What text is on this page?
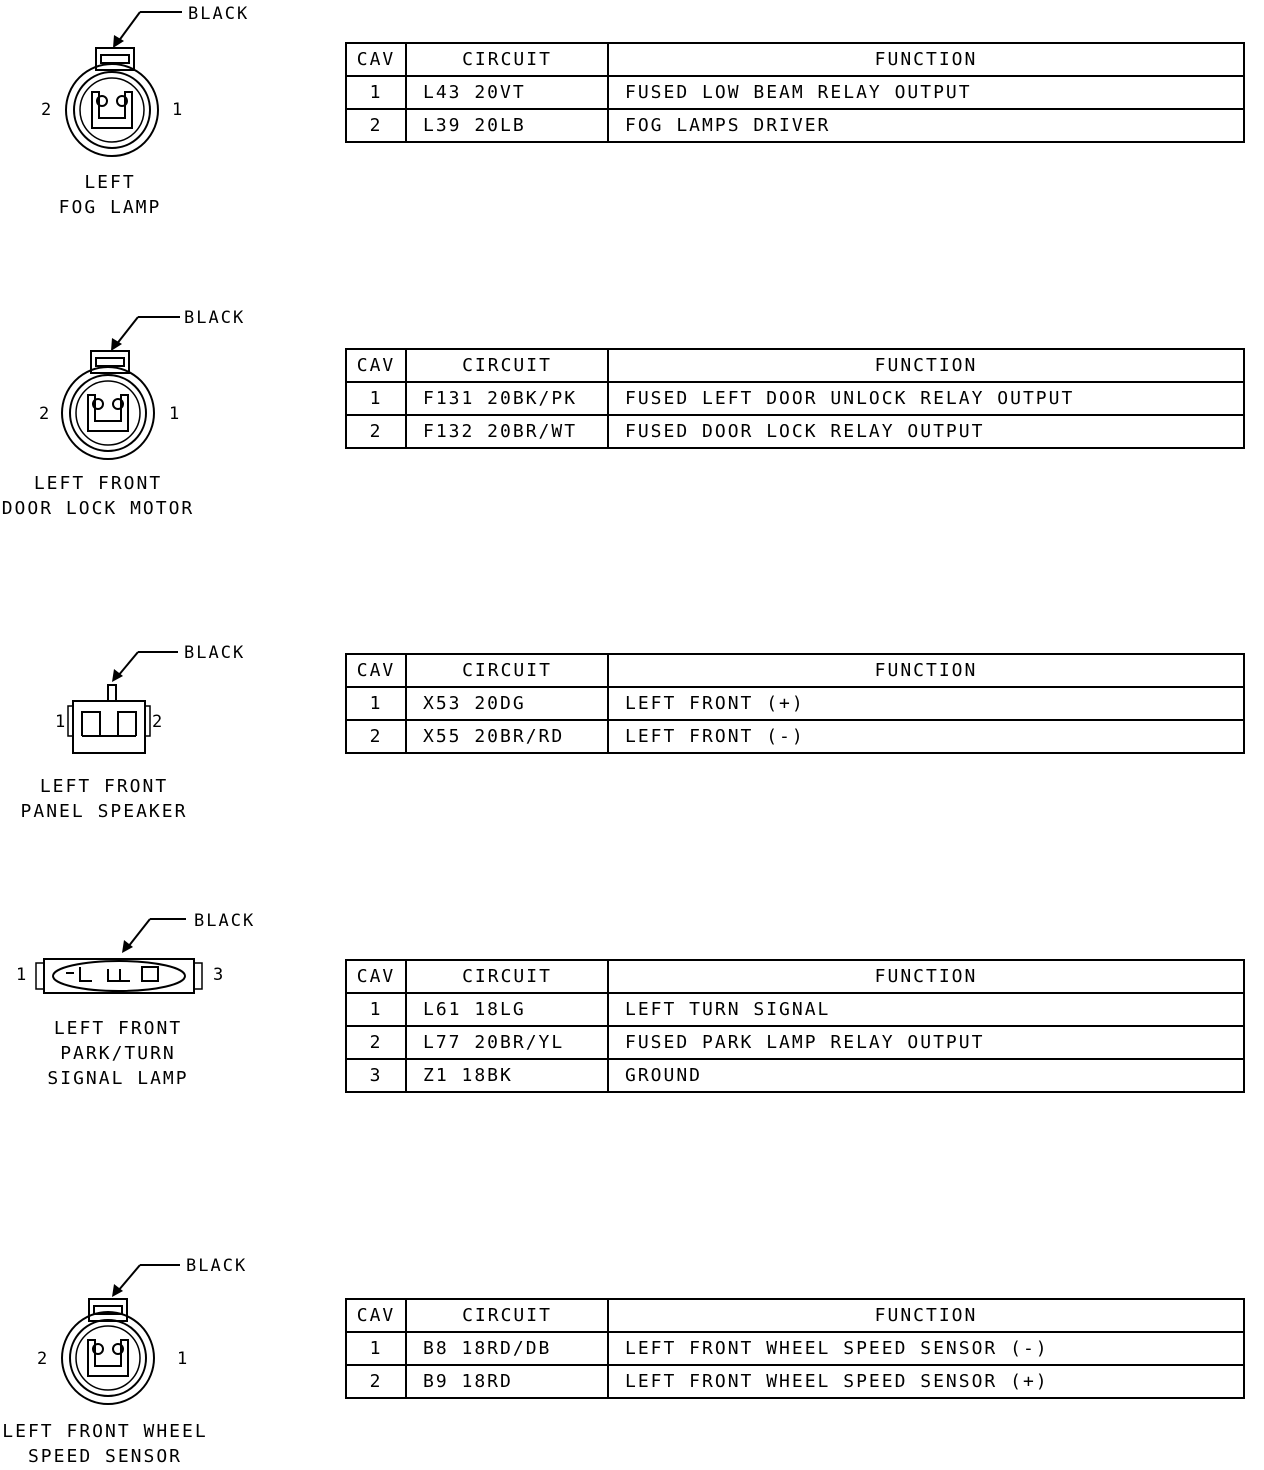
BLACK
2	1
LEFT
FOG LAMP
CAV	CIRCUIT	FUNCTION
1	L43 20VT	FUSED LOW BEAM RELAY OUTPUT
2	L39 20LB	FOG LAMPS DRIVER
BLACK
2	1
LEFT FRONT
DOOR LOCK MOTOR
CAV	CIRCUIT	FUNCTION
1	F131 20BK/PK	FUSED LEFT DOOR UNLOCK RELAY OUTPUT
2	F132 20BR/WT	FUSED DOOR LOCK RELAY OUTPUT
BLACK
1	2
LEFT FRONT
PANEL SPEAKER
CAV	CIRCUIT	FUNCTION
1	X53 20DG	LEFT FRONT (+)
2	X55 20BR/RD	LEFT FRONT (-)
BLACK
1	3
LEFT FRONT
PARK/TURN
SIGNAL LAMP
CAV	CIRCUIT	FUNCTION
1	L61 18LG	LEFT TURN SIGNAL
2	L77 20BR/YL	FUSED PARK LAMP RELAY OUTPUT
3	Z1 18BK	GROUND
BLACK
2	1
LEFT FRONT WHEEL
SPEED SENSOR
CAV	CIRCUIT	FUNCTION
1	B8 18RD/DB	LEFT FRONT WHEEL SPEED SENSOR (-)
2	B9 18RD	LEFT FRONT WHEEL SPEED SENSOR (+)
